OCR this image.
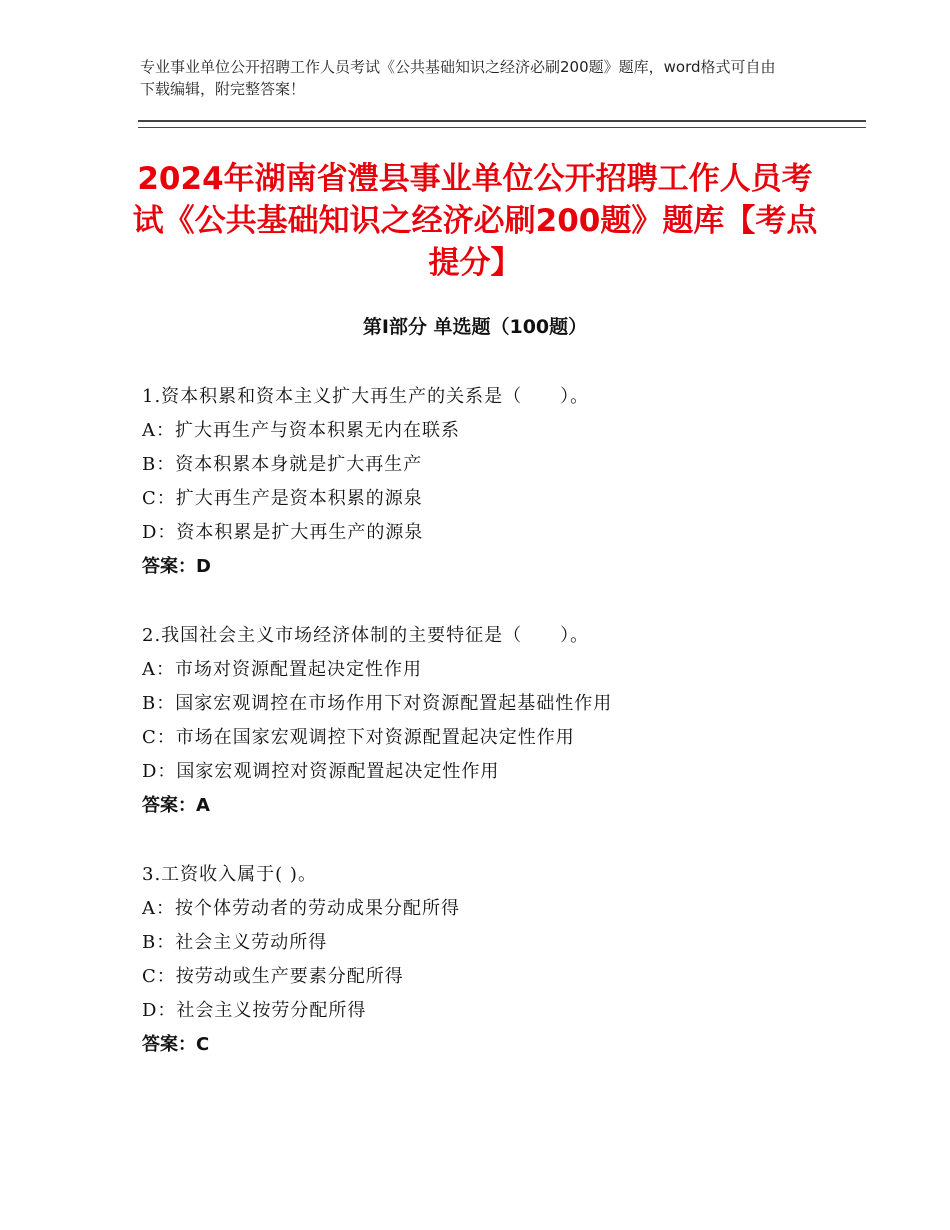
专业事业单位公开招聘工作人员考试《公共基础知识之经济必刷200题》题库，word格式可自由下载编辑，附完整答案！
2024年湖南省澧县事业单位公开招聘工作人员考试《公共基础知识之经济必刷200题》题库【考点提分】
第Ⅰ部分 单选题（100题）
1.资本积累和资本主义扩大再生产的关系是（　　）。
A：扩大再生产与资本积累无内在联系
B：资本积累本身就是扩大再生产
C：扩大再生产是资本积累的源泉
D：资本积累是扩大再生产的源泉
答案：D
2.我国社会主义市场经济体制的主要特征是（　　）。
A：市场对资源配置起决定性作用
B：国家宏观调控在市场作用下对资源配置起基础性作用
C：市场在国家宏观调控下对资源配置起决定性作用
D：国家宏观调控对资源配置起决定性作用
答案：A
3.工资收入属于( )。
A：按个体劳动者的劳动成果分配所得
B：社会主义劳动所得
C：按劳动或生产要素分配所得
D：社会主义按劳分配所得
答案：C
